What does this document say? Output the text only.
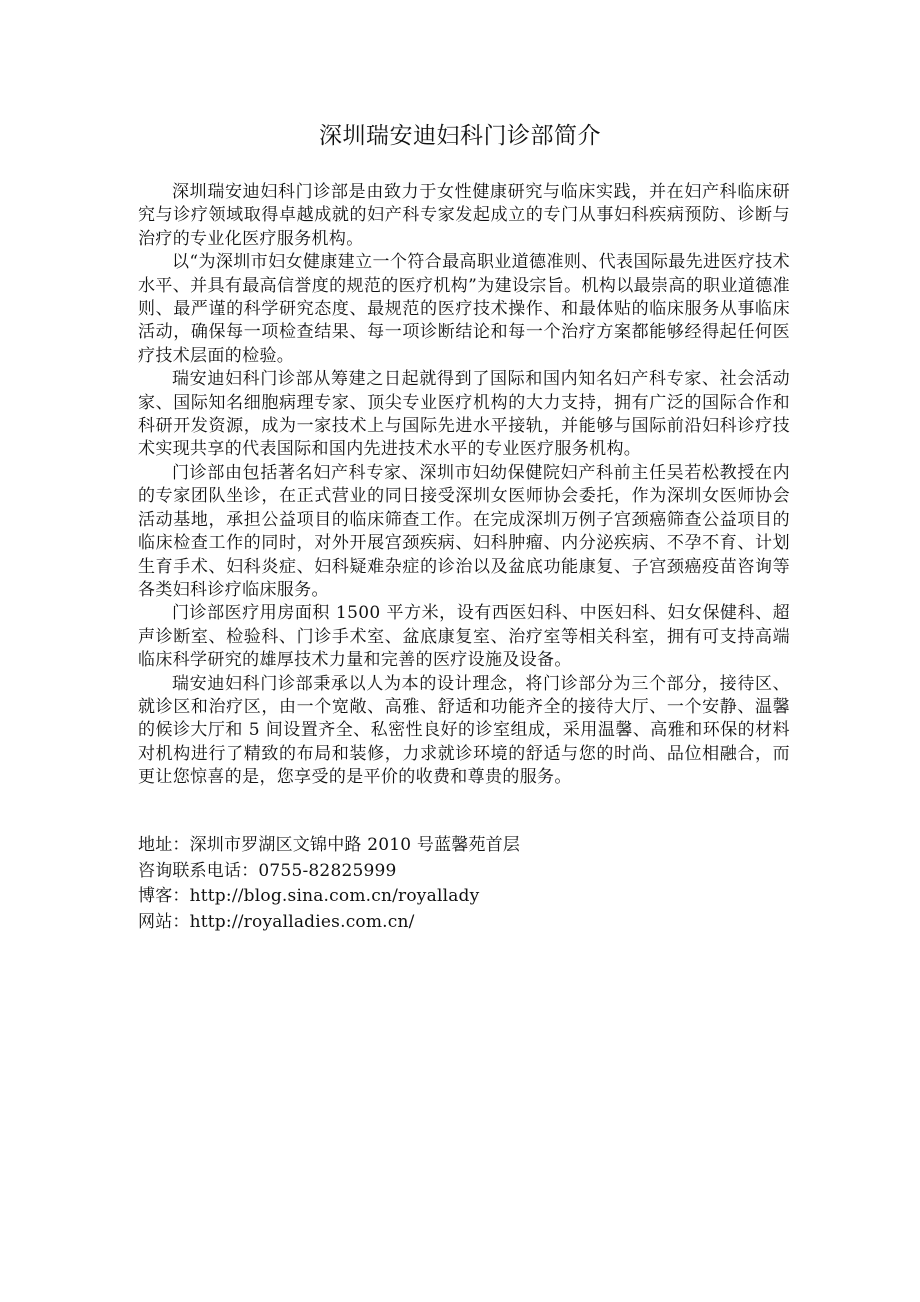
深圳瑞安迪妇科门诊部简介

深圳瑞安迪妇科门诊部是由致力于女性健康研究与临床实践，并在妇产科临床研究与诊疗领域取得卓越成就的妇产科专家发起成立的专门从事妇科疾病预防、诊断与治疗的专业化医疗服务机构。

以“为深圳市妇女健康建立一个符合最高职业道德准则、代表国际最先进医疗技术水平、并具有最高信誉度的规范的医疗机构”为建设宗旨。机构以最崇高的职业道德准则、最严谨的科学研究态度、最规范的医疗技术操作、和最体贴的临床服务从事临床活动，确保每一项检查结果、每一项诊断结论和每一个治疗方案都能够经得起任何医疗技术层面的检验。

瑞安迪妇科门诊部从筹建之日起就得到了国际和国内知名妇产科专家、社会活动家、国际知名细胞病理专家、顶尖专业医疗机构的大力支持，拥有广泛的国际合作和科研开发资源，成为一家技术上与国际先进水平接轨，并能够与国际前沿妇科诊疗技术实现共享的代表国际和国内先进技术水平的专业医疗服务机构。

门诊部由包括著名妇产科专家、深圳市妇幼保健院妇产科前主任吴若松教授在内的专家团队坐诊，在正式营业的同日接受深圳女医师协会委托，作为深圳女医师协会活动基地，承担公益项目的临床筛查工作。在完成深圳万例子宫颈癌筛查公益项目的临床检查工作的同时，对外开展宫颈疾病、妇科肿瘤、内分泌疾病、不孕不育、计划生育手术、妇科炎症、妇科疑难杂症的诊治以及盆底功能康复、子宫颈癌疫苗咨询等各类妇科诊疗临床服务。

门诊部医疗用房面积 1500 平方米，设有西医妇科、中医妇科、妇女保健科、超声诊断室、检验科、门诊手术室、盆底康复室、治疗室等相关科室，拥有可支持高端临床科学研究的雄厚技术力量和完善的医疗设施及设备。

瑞安迪妇科门诊部秉承以人为本的设计理念，将门诊部分为三个部分，接待区、就诊区和治疗区，由一个宽敞、高雅、舒适和功能齐全的接待大厅、一个安静、温馨的候诊大厅和 5 间设置齐全、私密性良好的诊室组成，采用温馨、高雅和环保的材料对机构进行了精致的布局和装修，力求就诊环境的舒适与您的时尚、品位相融合，而更让您惊喜的是，您享受的是平价的收费和尊贵的服务。

地址：深圳市罗湖区文锦中路 2010 号蓝馨苑首层

咨询联系电话：0755-82825999

博客：http://blog.sina.com.cn/royallady

网站：http://royalladies.com.cn/
